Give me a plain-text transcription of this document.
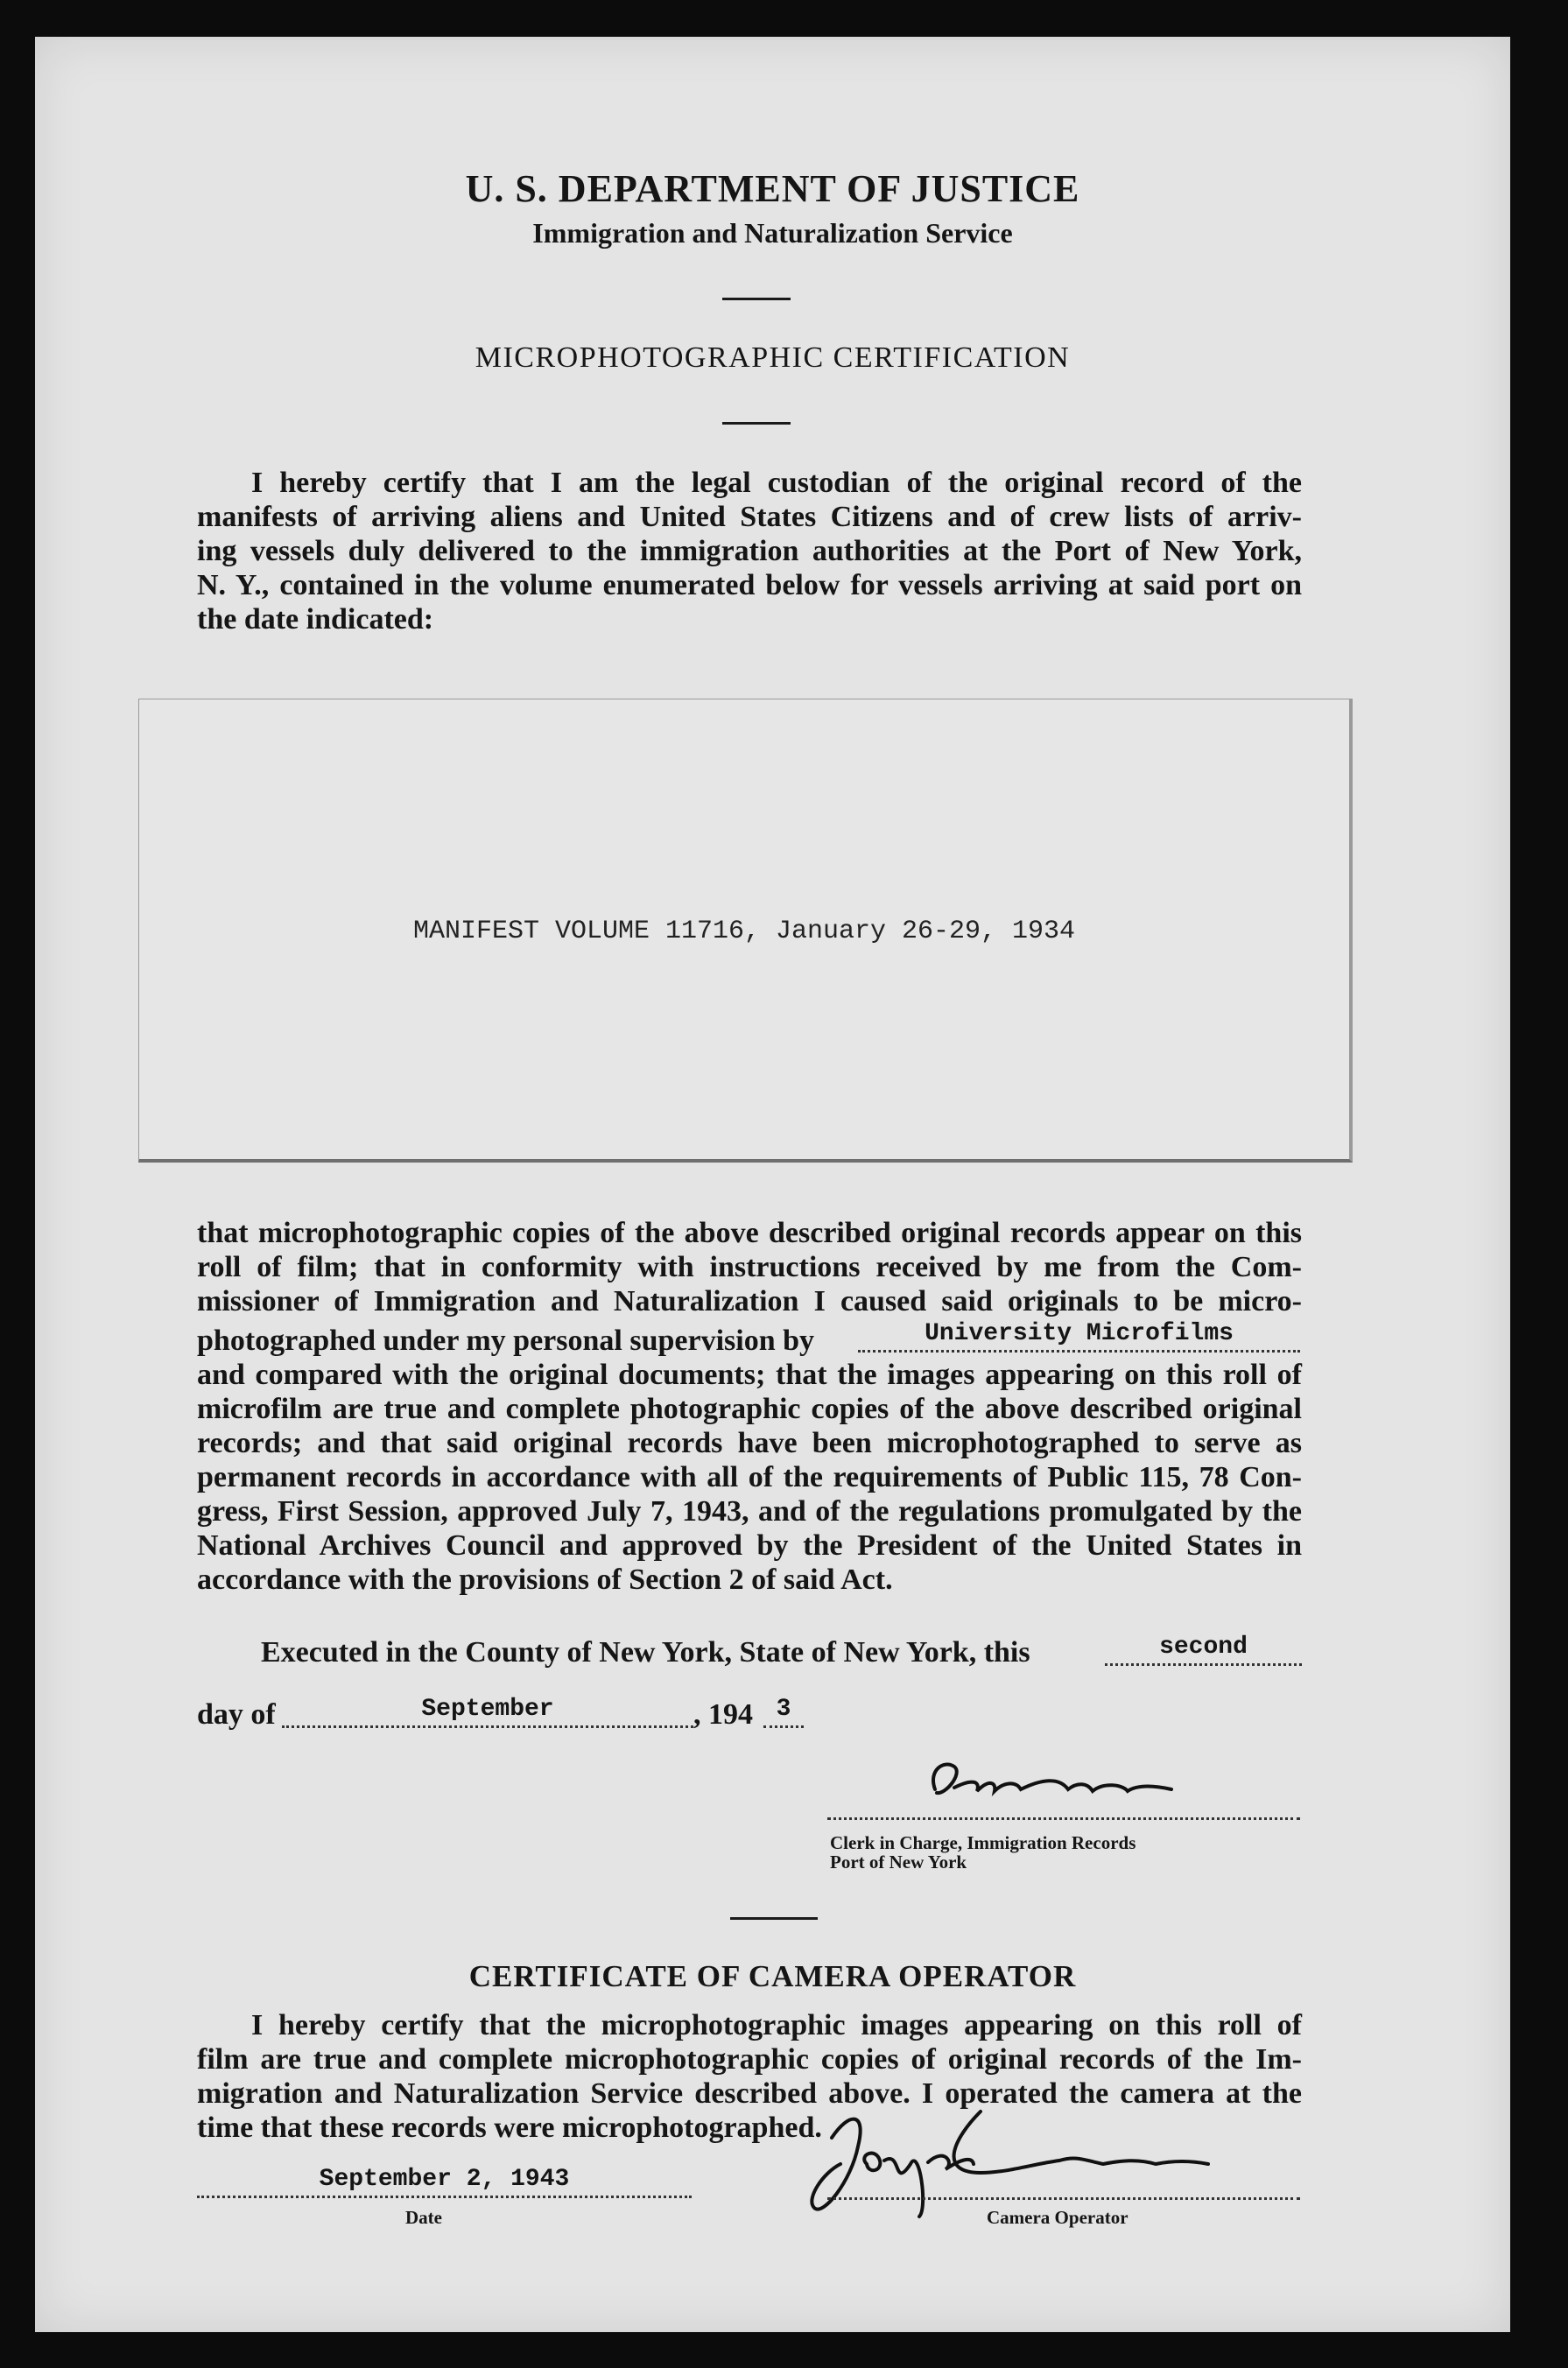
U. S. DEPARTMENT OF JUSTICE
Immigration and Naturalization Service
MICROPHOTOGRAPHIC CERTIFICATION
I hereby certify that I am the legal custodian of the original record of the
manifests of arriving aliens and United States Citizens and of crew lists of arriv-
ing vessels duly delivered to the immigration authorities at the Port of New York,
N. Y., contained in the volume enumerated below for vessels arriving at said port on
the date indicated:
MANIFEST VOLUME 11716, January 26-29, 1934
that microphotographic copies of the above described original records appear on this
roll of film; that in conformity with instructions received by me from the Com-
missioner of Immigration and Naturalization I caused said originals to be micro-
photographed under my personal supervision by	University Microfilms
and compared with the original documents; that the images appearing on this roll of
microfilm are true and complete photographic copies of the above described original
records; and that said original records have been microphotographed to serve as
permanent records in accordance with all of the requirements of Public 115, 78 Con-
gress, First Session, approved July 7, 1943, and of the regulations promulgated by the
National Archives Council and approved by the President of the United States in
accordance with the provisions of Section 2 of said Act.
Executed in the County of New York, State of New York, this	second
day of	September	, 194 3
Clerk in Charge, Immigration Records
Port of New York
CERTIFICATE OF CAMERA OPERATOR
I hereby certify that the microphotographic images appearing on this roll of
film are true and complete microphotographic copies of original records of the Im-
migration and Naturalization Service described above. I operated the camera at the
time that these records were microphotographed.
September 2, 1943
Date	Camera Operator
